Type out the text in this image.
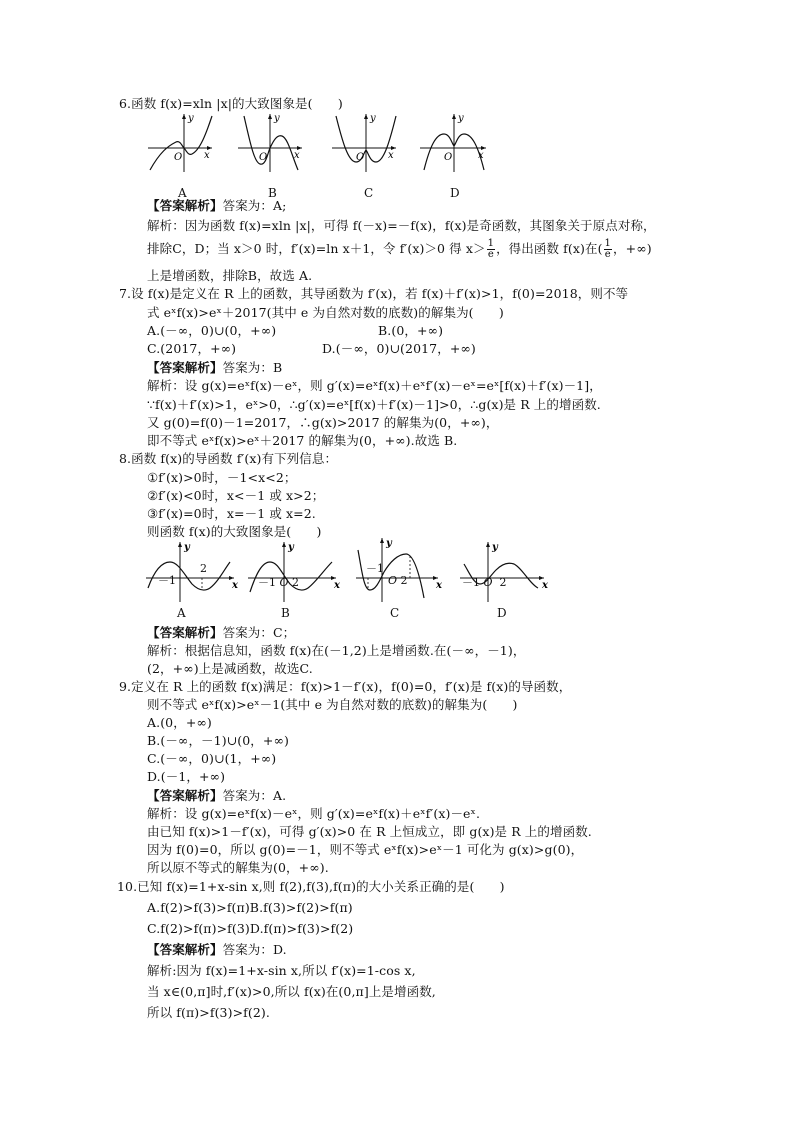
6.函数 f(x)=xln |x|的大致图象是(　　)
y
x
O
A
y
x
O
B
y
x
O
C
y
x
O
D
【答案解析】答案为：A;
解析：因为函数 f(x)=xln |x|，可得 f(－x)=－f(x)，f(x)是奇函数，其图象关于原点对称，
排除C，D；当 x＞0 时，f′(x)=ln x＋1，令 f′(x)＞0 得 $x> \frac{1}{e}$ ，得出函数 f(x)在( $\frac{1}{e}$ ，+∞)
上是增函数，排除B，故选 A.
7.设 f(x)是定义在 R 上的函数，其导函数为 f′(x)，若 f(x)＋f′(x)>1，f(0)=2018，则不等
式 eˣf(x)>eˣ＋2017(其中 e 为自然对数的底数)的解集为(　　)
A.(－∞，0)∪(0，+∞)	B.(0，+∞)
C.(2017，+∞)	D.(－∞，0)∪(2017，+∞)
【答案解析】答案为：B
解析：设 g(x)=eˣf(x)－eˣ，则 g′(x)=eˣf(x)＋eˣf′(x)－eˣ=eˣ[f(x)＋f′(x)－1]，
∵f(x)＋f′(x)>1，eˣ>0，∴g′(x)=eˣ[f(x)＋f′(x)－1]>0，∴g(x)是 R 上的增函数.
又 g(0)=f(0)－1=2017，∴g(x)>2017 的解集为(0，+∞)，
即不等式 eˣf(x)>eˣ＋2017 的解集为(0，+∞).故选 B.
8.函数 f(x)的导函数 f′(x)有下列信息：
①f′(x)>0时，－1<x<2；
②f′(x)<0时，x<－1 或 x>2；
③f′(x)=0时，x=－1 或 x=2.
则函数 f(x)的大致图象是(　　)
y
x
－1
2
A
y
x
－1 O 2
B
y
x
－1
O 2
C
y
x
－1 O 2
D
【答案解析】答案为：C；
解析：根据信息知，函数 f(x)在(－1,2)上是增函数.在(－∞，－1)，
(2，+∞)上是减函数，故选C.
9.定义在 R 上的函数 f(x)满足：f(x)>1－f′(x)，f(0)=0，f′(x)是 f(x)的导函数，
则不等式 eˣf(x)>eˣ－1(其中 e 为自然对数的底数)的解集为(　　)
A.(0，+∞)
B.(－∞，－1)∪(0，+∞)
C.(－∞，0)∪(1，+∞)
D.(－1，+∞)
【答案解析】答案为：A.
解析：设 g(x)=eˣf(x)－eˣ，则 g′(x)=eˣf(x)＋eˣf′(x)－eˣ.
由已知 f(x)>1－f′(x)，可得 g′(x)>0 在 R 上恒成立，即 g(x)是 R 上的增函数.
因为 f(0)=0，所以 g(0)=－1，则不等式 eˣf(x)>eˣ－1 可化为 g(x)>g(0)，
所以原不等式的解集为(0，+∞).
10.已知 f(x)=1+x-sin x,则 f(2),f(3),f(π)的大小关系正确的是(　　)
A.f(2)>f(3)>f(π)B.f(3)>f(2)>f(π)
C.f(2)>f(π)>f(3)D.f(π)>f(3)>f(2)
【答案解析】答案为：D.
解析:因为 f(x)=1+x-sin x,所以 f′(x)=1-cos x,
当 x∈(0,π]时,f′(x)>0,所以 f(x)在(0,π]上是增函数,
所以 f(π)>f(3)>f(2).
